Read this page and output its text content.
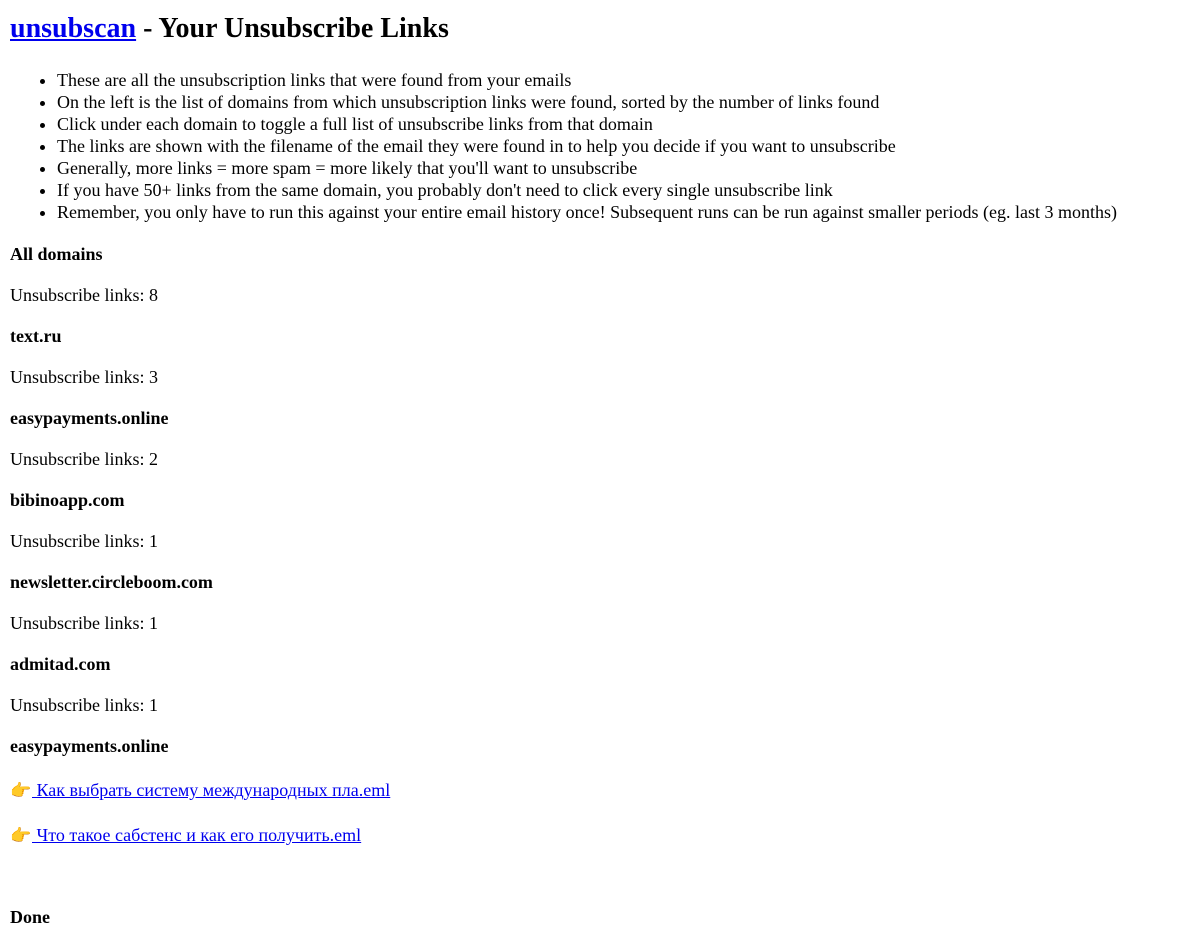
unsubscan - Your Unsubscribe Links
• These are all the unsubscription links that were found from your emails
• On the left is the list of domains from which unsubscription links were found, sorted by the number of links found
• Click under each domain to toggle a full list of unsubscribe links from that domain
• The links are shown with the filename of the email they were found in to help you decide if you want to unsubscribe
• Generally, more links = more spam = more likely that you'll want to unsubscribe
• If you have 50+ links from the same domain, you probably don't need to click every single unsubscribe link
• Remember, you only have to run this against your entire email history once! Subsequent runs can be run against smaller periods (eg. last 3 months)
All domains
Unsubscribe links: 8
text.ru
Unsubscribe links: 3
easypayments.online
Unsubscribe links: 2
bibinoapp.com
Unsubscribe links: 1
newsletter.circleboom.com
Unsubscribe links: 1
admitad.com
Unsubscribe links: 1
easypayments.online
👉 Как выбрать систему международных пла.eml
👉 Что такое сабстенс и как его получить.eml
Done
